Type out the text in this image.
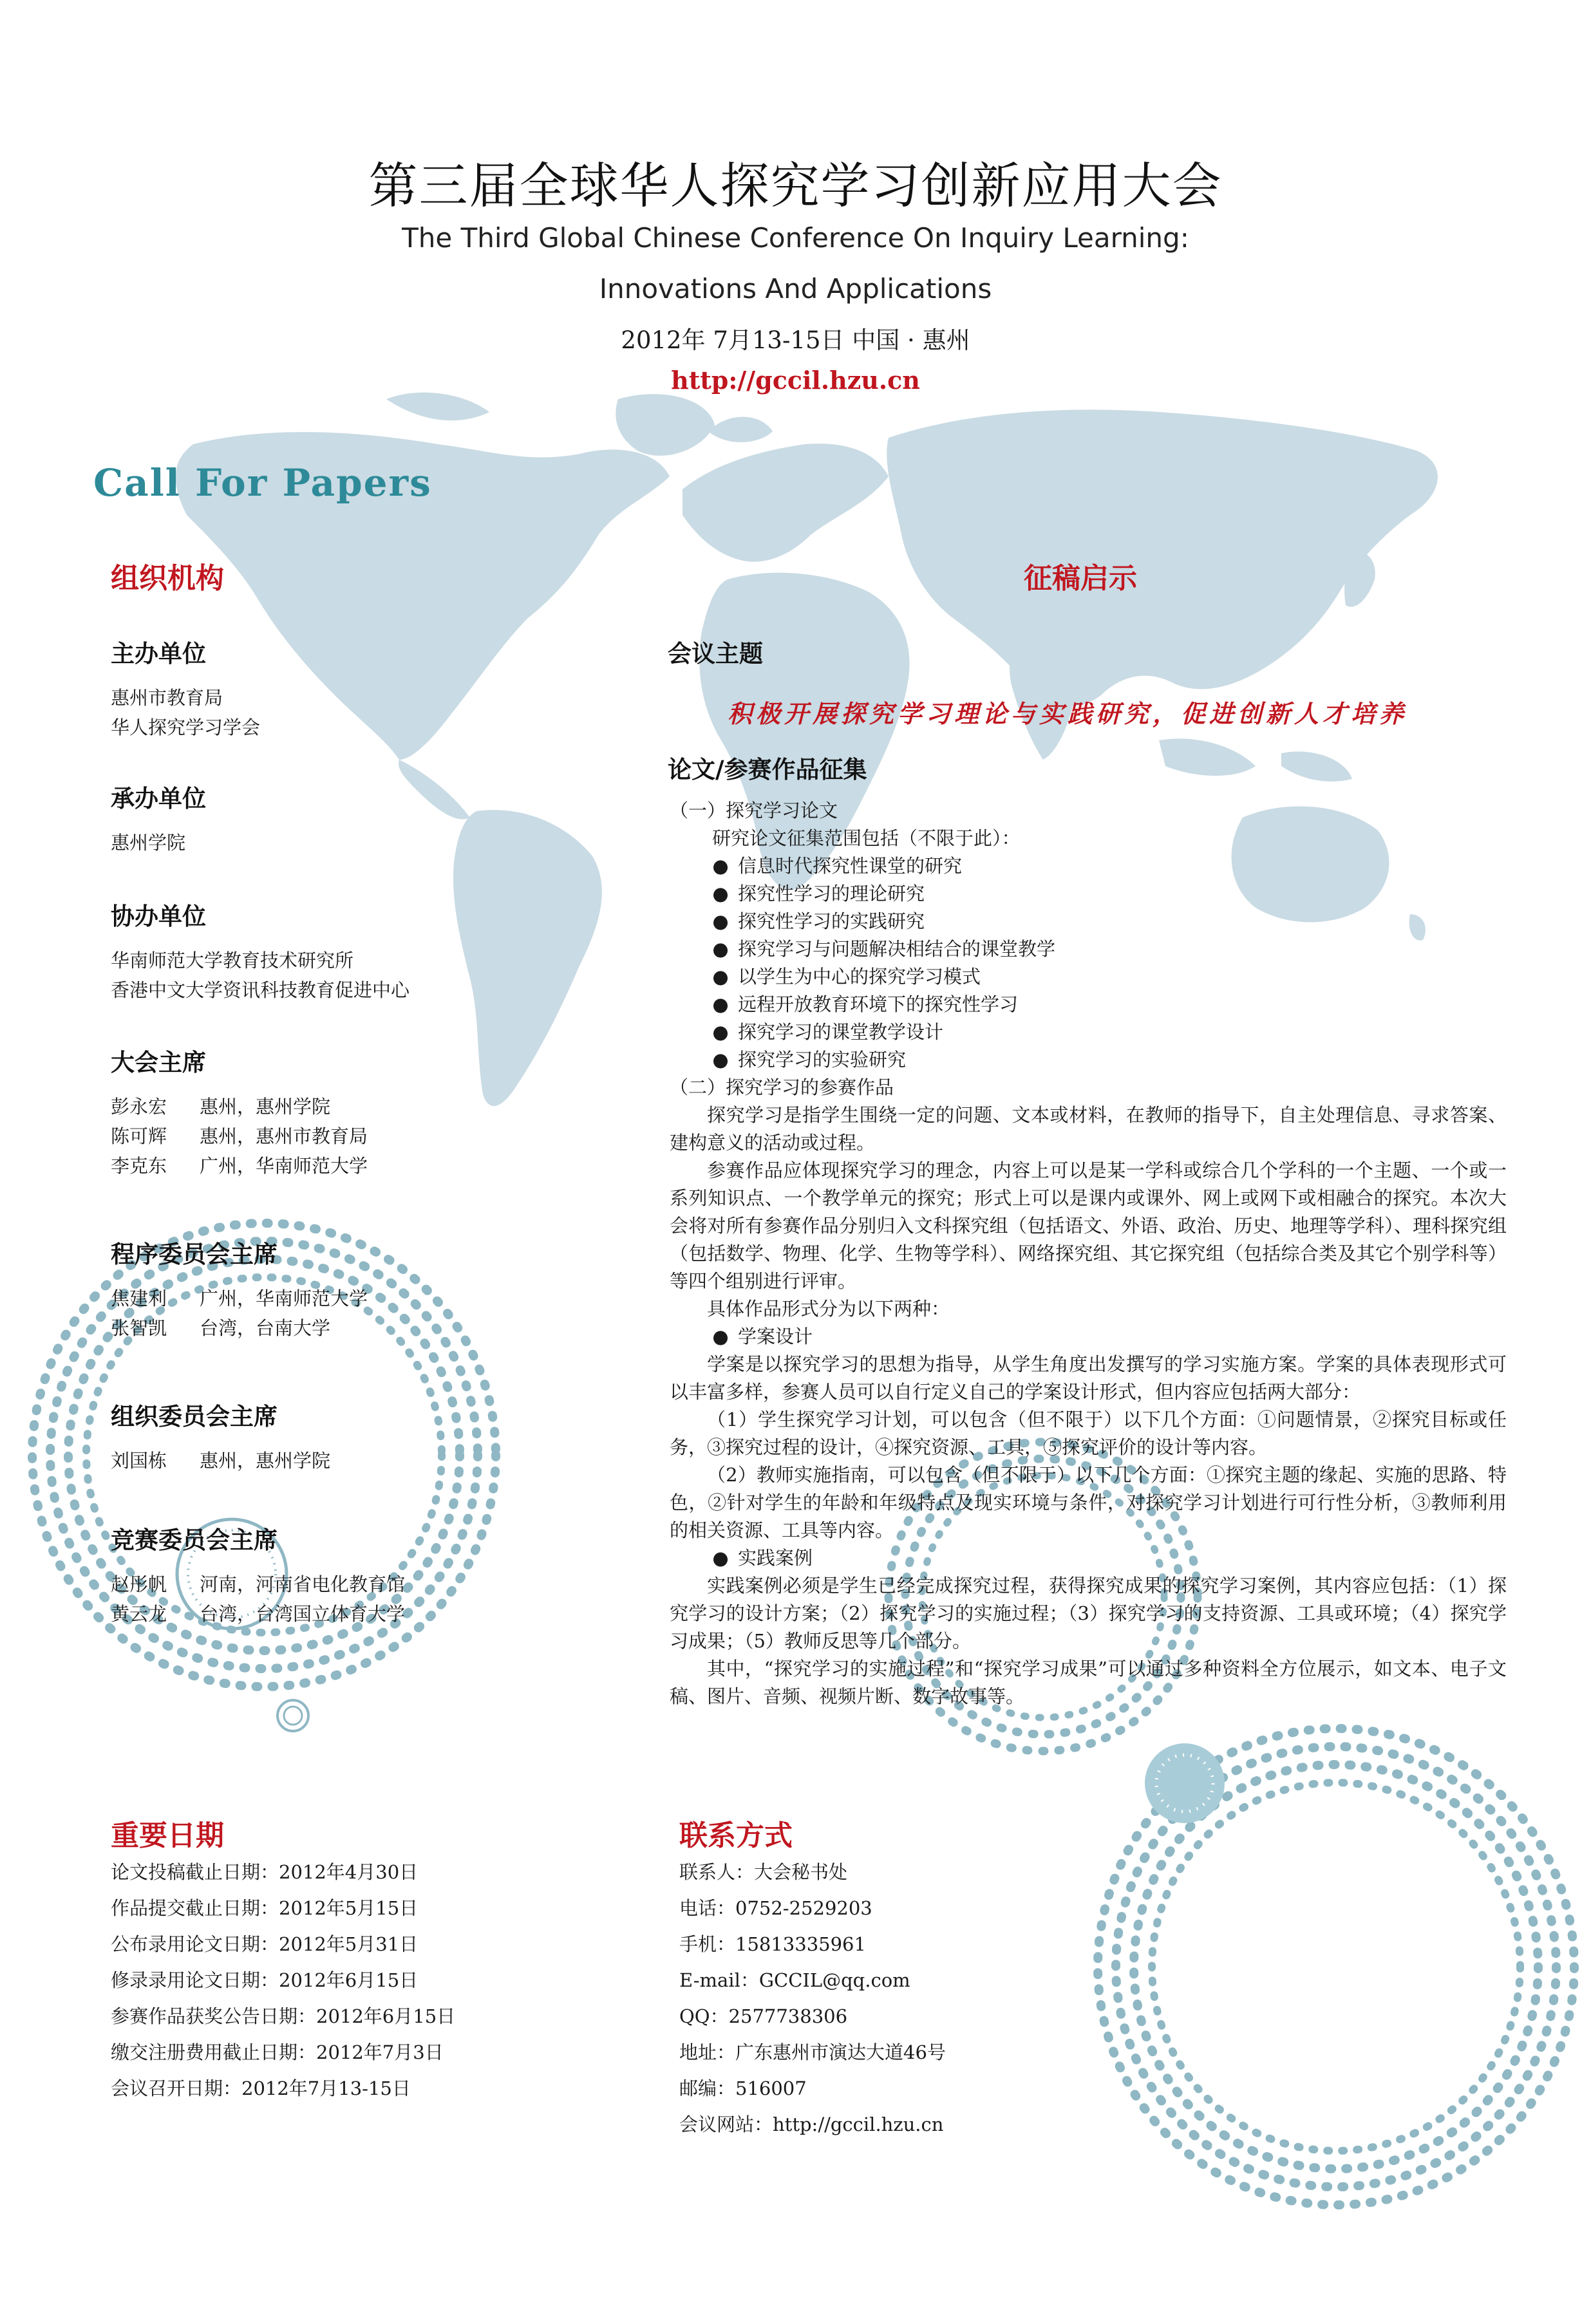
第三届全球华人探究学习创新应用大会
The Third Global Chinese Conference On Inquiry Learning:
Innovations And Applications
2012年 7月13-15日 中国 · 惠州
http://gccil.hzu.cn
Call For Papers
组织机构
主办单位
惠州市教育局
华人探究学习学会
承办单位
惠州学院
协办单位
华南师范大学教育技术研究所
香港中文大学资讯科技教育促进中心
大会主席
彭永宏	惠州，惠州学院
陈可辉	惠州，惠州市教育局
李克东	广州，华南师范大学
程序委员会主席
焦建利	广州，华南师范大学
张智凯	台湾，台南大学
组织委员会主席
刘国栋	惠州，惠州学院
竞赛委员会主席
赵彤帆	河南，河南省电化教育馆
黄云龙	台湾，台湾国立体育大学
征稿启示
会议主题
积极开展探究学习理论与实践研究，促进创新人才培养
论文/参赛作品征集
（一）探究学习论文
研究论文征集范围包括（不限于此）：
● 信息时代探究性课堂的研究
● 探究性学习的理论研究
● 探究性学习的实践研究
● 探究学习与问题解决相结合的课堂教学
● 以学生为中心的探究学习模式
● 远程开放教育环境下的探究性学习
● 探究学习的课堂教学设计
● 探究学习的实验研究
（二）探究学习的参赛作品
探究学习是指学生围绕一定的问题、文本或材料，在教师的指导下，自主处理信息、寻求答案、建构意义的活动或过程。
参赛作品应体现探究学习的理念，内容上可以是某一学科或综合几个学科的一个主题、一个或一系列知识点、一个教学单元的探究；形式上可以是课内或课外、网上或网下或相融合的探究。本次大会将对所有参赛作品分别归入文科探究组（包括语文、外语、政治、历史、地理等学科）、理科探究组（包括数学、物理、化学、生物等学科）、网络探究组、其它探究组（包括综合类及其它个别学科等）等四个组别进行评审。
具体作品形式分为以下两种：
● 学案设计
学案是以探究学习的思想为指导，从学生角度出发撰写的学习实施方案。学案的具体表现形式可以丰富多样，参赛人员可以自行定义自己的学案设计形式，但内容应包括两大部分：
（1）学生探究学习计划，可以包含（但不限于）以下几个方面：①问题情景，②探究目标或任务，③探究过程的设计，④探究资源、工具，⑤探究评价的设计等内容。
（2）教师实施指南，可以包含（但不限于）以下几个方面：①探究主题的缘起、实施的思路、特色，②针对学生的年龄和年级特点及现实环境与条件，对探究学习计划进行可行性分析，③教师利用的相关资源、工具等内容。
● 实践案例
实践案例必须是学生已经完成探究过程，获得探究成果的探究学习案例，其内容应包括：（1）探究学习的设计方案；（2）探究学习的实施过程；（3）探究学习的支持资源、工具或环境；（4）探究学习成果；（5）教师反思等几个部分。
其中，“探究学习的实施过程”和“探究学习成果”可以通过多种资料全方位展示，如文本、电子文稿、图片、音频、视频片断、数字故事等。
重要日期
论文投稿截止日期：2012年4月30日
作品提交截止日期：2012年5月15日
公布录用论文日期：2012年5月31日
修录录用论文日期：2012年6月15日
参赛作品获奖公告日期：2012年6月15日
缴交注册费用截止日期：2012年7月3日
会议召开日期：2012年7月13-15日
联系方式
联系人：大会秘书处
电话：0752-2529203
手机：15813335961
E-mail：GCCIL@qq.com
QQ：2577738306
地址：广东惠州市演达大道46号
邮编：516007
会议网站：http://gccil.hzu.cn
